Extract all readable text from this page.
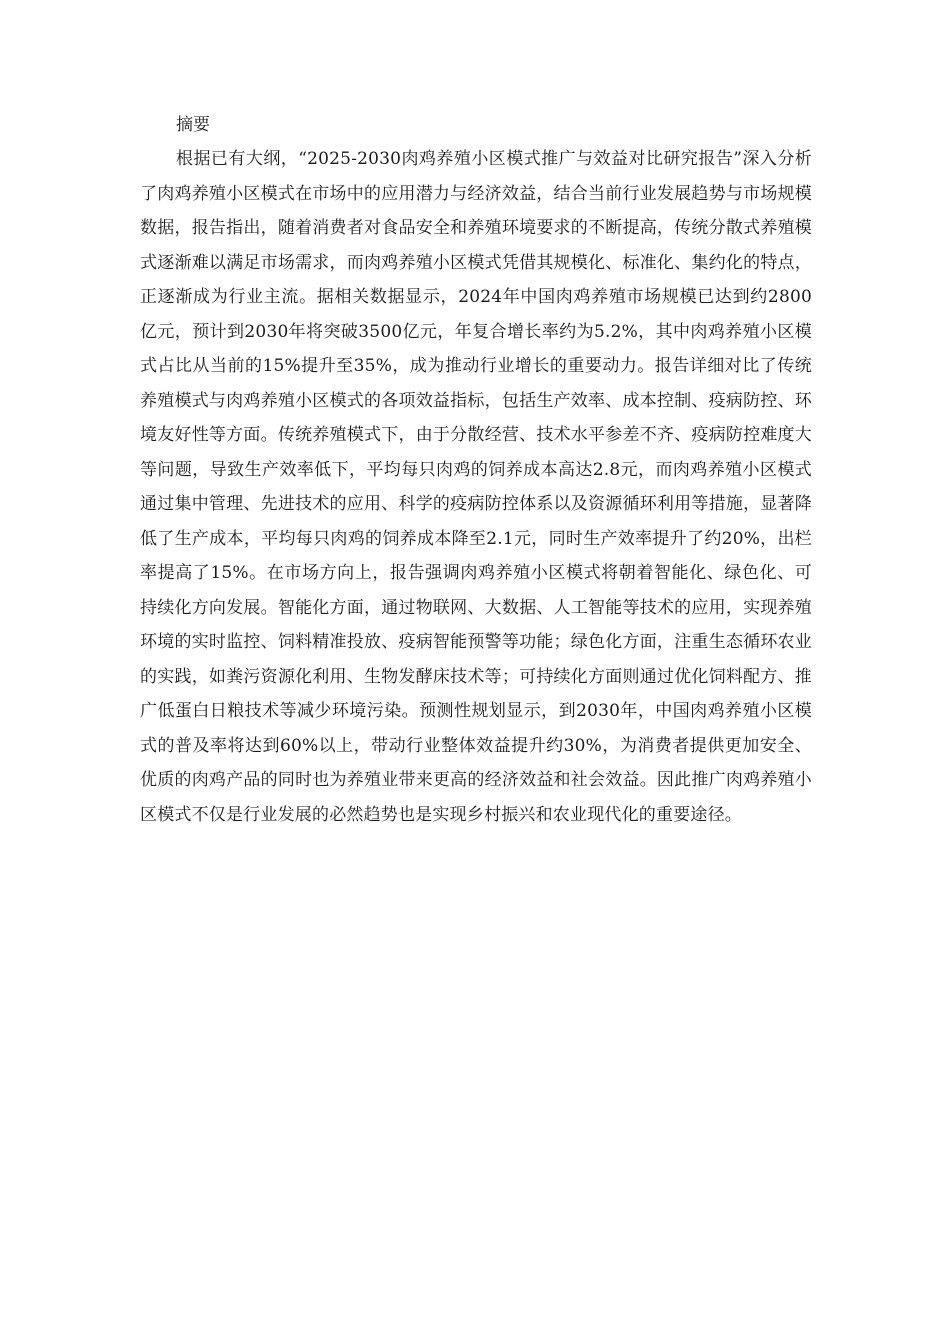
摘要

根据已有大纲，“2025-2030肉鸡养殖小区模式推广与效益对比研究报告”深入分析了肉鸡养殖小区模式在市场中的应用潜力与经济效益，结合当前行业发展趋势与市场规模数据，报告指出，随着消费者对食品安全和养殖环境要求的不断提高，传统分散式养殖模式逐渐难以满足市场需求，而肉鸡养殖小区模式凭借其规模化、标准化、集约化的特点，正逐渐成为行业主流。据相关数据显示，2024年中国肉鸡养殖市场规模已达到约2800亿元，预计到2030年将突破3500亿元，年复合增长率约为5.2%，其中肉鸡养殖小区模式占比从当前的15%提升至35%，成为推动行业增长的重要动力。报告详细对比了传统养殖模式与肉鸡养殖小区模式的各项效益指标，包括生产效率、成本控制、疫病防控、环境友好性等方面。传统养殖模式下，由于分散经营、技术水平参差不齐、疫病防控难度大等问题，导致生产效率低下，平均每只肉鸡的饲养成本高达2.8元，而肉鸡养殖小区模式通过集中管理、先进技术的应用、科学的疫病防控体系以及资源循环利用等措施，显著降低了生产成本，平均每只肉鸡的饲养成本降至2.1元，同时生产效率提升了约20%，出栏率提高了15%。在市场方向上，报告强调肉鸡养殖小区模式将朝着智能化、绿色化、可持续化方向发展。智能化方面，通过物联网、大数据、人工智能等技术的应用，实现养殖环境的实时监控、饲料精准投放、疫病智能预警等功能；绿色化方面，注重生态循环农业的实践，如粪污资源化利用、生物发酵床技术等；可持续化方面则通过优化饲料配方、推广低蛋白日粮技术等减少环境污染。预测性规划显示，到2030年，中国肉鸡养殖小区模式的普及率将达到60%以上，带动行业整体效益提升约30%，为消费者提供更加安全、优质的肉鸡产品的同时也为养殖业带来更高的经济效益和社会效益。因此推广肉鸡养殖小区模式不仅是行业发展的必然趋势也是实现乡村振兴和农业现代化的重要途径。
